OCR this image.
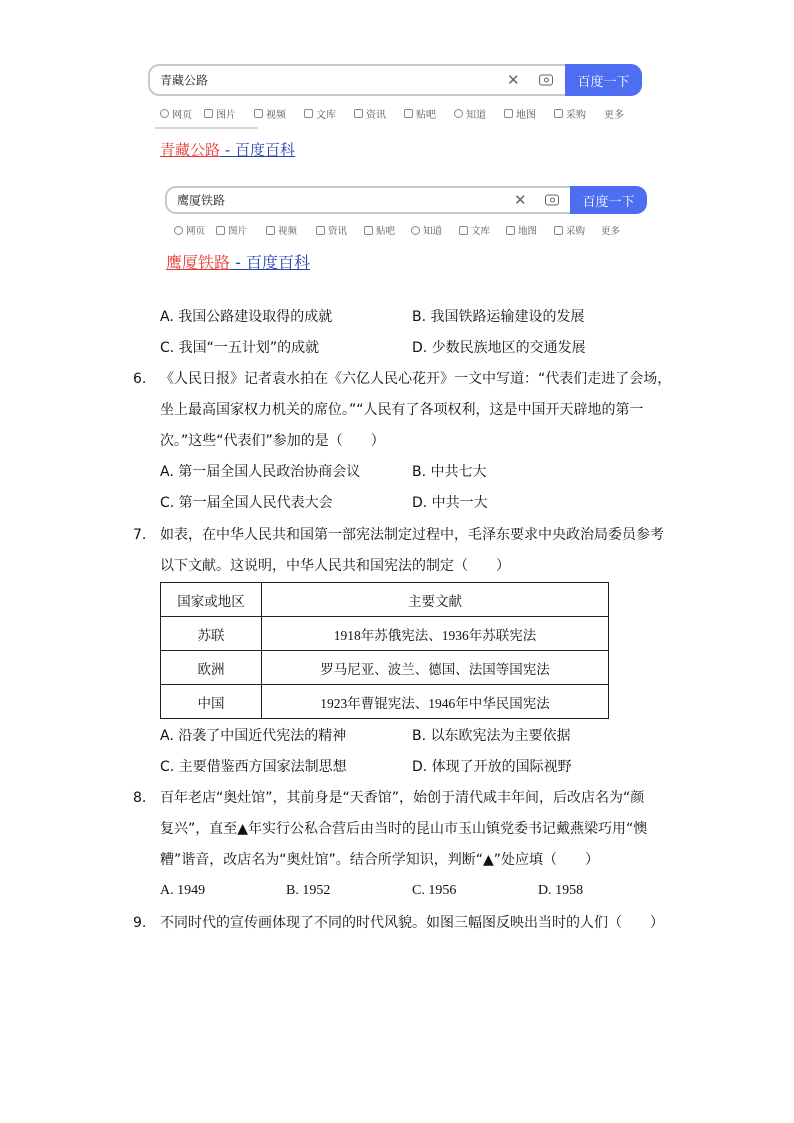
青藏公路	✕	百度一下
网页 图片	视频	文库	资讯	贴吧	知道	地图	采购 更多
青藏公路 - 百度百科
鹰厦铁路	✕	百度一下
网页 图片	视频	资讯	贴吧	知道	文库	地图	采购 更多
鹰厦铁路 - 百度百科
A. 我国公路建设取得的成就	B. 我国铁路运输建设的发展
C. 我国“一五计划”的成就	D. 少数民族地区的交通发展
6. 《人民日报》记者袁水拍在《六亿人民心花开》一文中写道：“代表们走进了会场，
坐上最高国家权力机关的席位。”“人民有了各项权利，这是中国开天辟地的第一
次。”这些“代表们”参加的是（　　）
A. 第一届全国人民政治协商会议	B. 中共七大
C. 第一届全国人民代表大会	D. 中共一大
7. 如表，在中华人民共和国第一部宪法制定过程中，毛泽东要求中央政治局委员参考
以下文献。这说明，中华人民共和国宪法的制定（　　）
国家或地区	主要文献
苏联	1918年苏俄宪法、1936年苏联宪法
欧洲	罗马尼亚、波兰、德国、法国等国宪法
中国	1923年曹锟宪法、1946年中华民国宪法
A. 沿袭了中国近代宪法的精神	B. 以东欧宪法为主要依据
C. 主要借鉴西方国家法制思想	D. 体现了开放的国际视野
8. 百年老店“奥灶馆”，其前身是“天香馆”，始创于清代咸丰年间，后改店名为“颜
复兴”，直至▲年实行公私合营后由当时的昆山市玉山镇党委书记戴燕梁巧用“懊
糟”谐音，改店名为“奥灶馆”。结合所学知识，判断“▲”处应填（　　）
A. 1949	B. 1952	C. 1956	D. 1958
9. 不同时代的宣传画体现了不同的时代风貌。如图三幅图反映出当时的人们（　　）
